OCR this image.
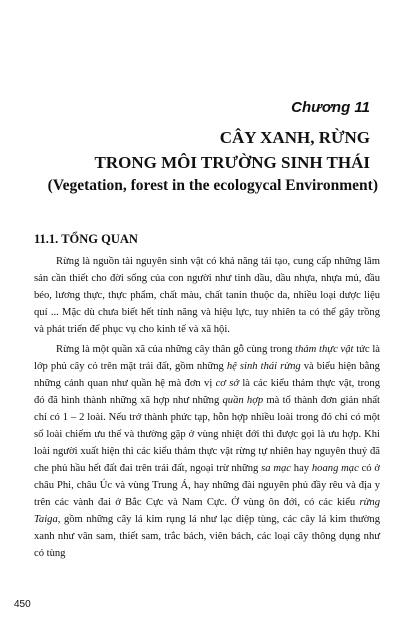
Chương 11
CÂY XANH, RỪNG
TRONG MÔI TRƯỜNG SINH THÁI
(Vegetation, forest in the ecologycal Environment)
11.1. TỔNG QUAN

Rừng là nguồn tài nguyên sinh vật có khả năng tái tạo, cung cấp những lâm sản cần thiết cho đời sống của con người như tinh dầu, dầu nhựa, nhựa mủ, đầu béo, lương thực, thực phẩm, chất màu, chất tanin thuộc da, nhiều loại dược liệu quí ... Mặc dù chưa biết hết tính năng và hiệu lực, tuy nhiên ta có thể gây trồng và phát triển để phục vụ cho kinh tế và xã hội.

Rừng là một quần xã của những cây thân gỗ cùng trong thảm thực vật tức là lớp phủ cây cỏ trên mặt trái đất, gồm những hệ sinh thái rừng và biểu hiện bằng những cảnh quan như quần hệ mà đơn vị cơ sở là các kiểu thảm thực vật, trong đó đã hình thành những xã hợp như những quần hợp mà tổ thành đơn giản nhất chỉ có 1 – 2 loài. Nếu trở thành phức tạp, hỗn hợp nhiều loài trong đó chỉ có một số loài chiếm ưu thế và thường gặp ở vùng nhiệt đới thì được gọi là ưu hợp. Khi loài người xuất hiện thì các kiểu thảm thực vật rừng tự nhiên hay nguyên thuỷ đã che phủ hầu hết đất đai trên trái đất, ngoại trừ những sa mạc hay hoang mạc có ở châu Phi, châu Úc và vùng Trung Á, hay những đài nguyên phủ đầy rêu và địa y trên các vành đai ở Bắc Cực và Nam Cực. Ở vùng ôn đới, có các kiểu rừng Taiga, gồm những cây lá kim rụng lá như lạc diệp tùng, các cây lá kim thường xanh như vân sam, thiết sam, trắc bách, viên bách, các loại cây thông dụng như có tùng

450
